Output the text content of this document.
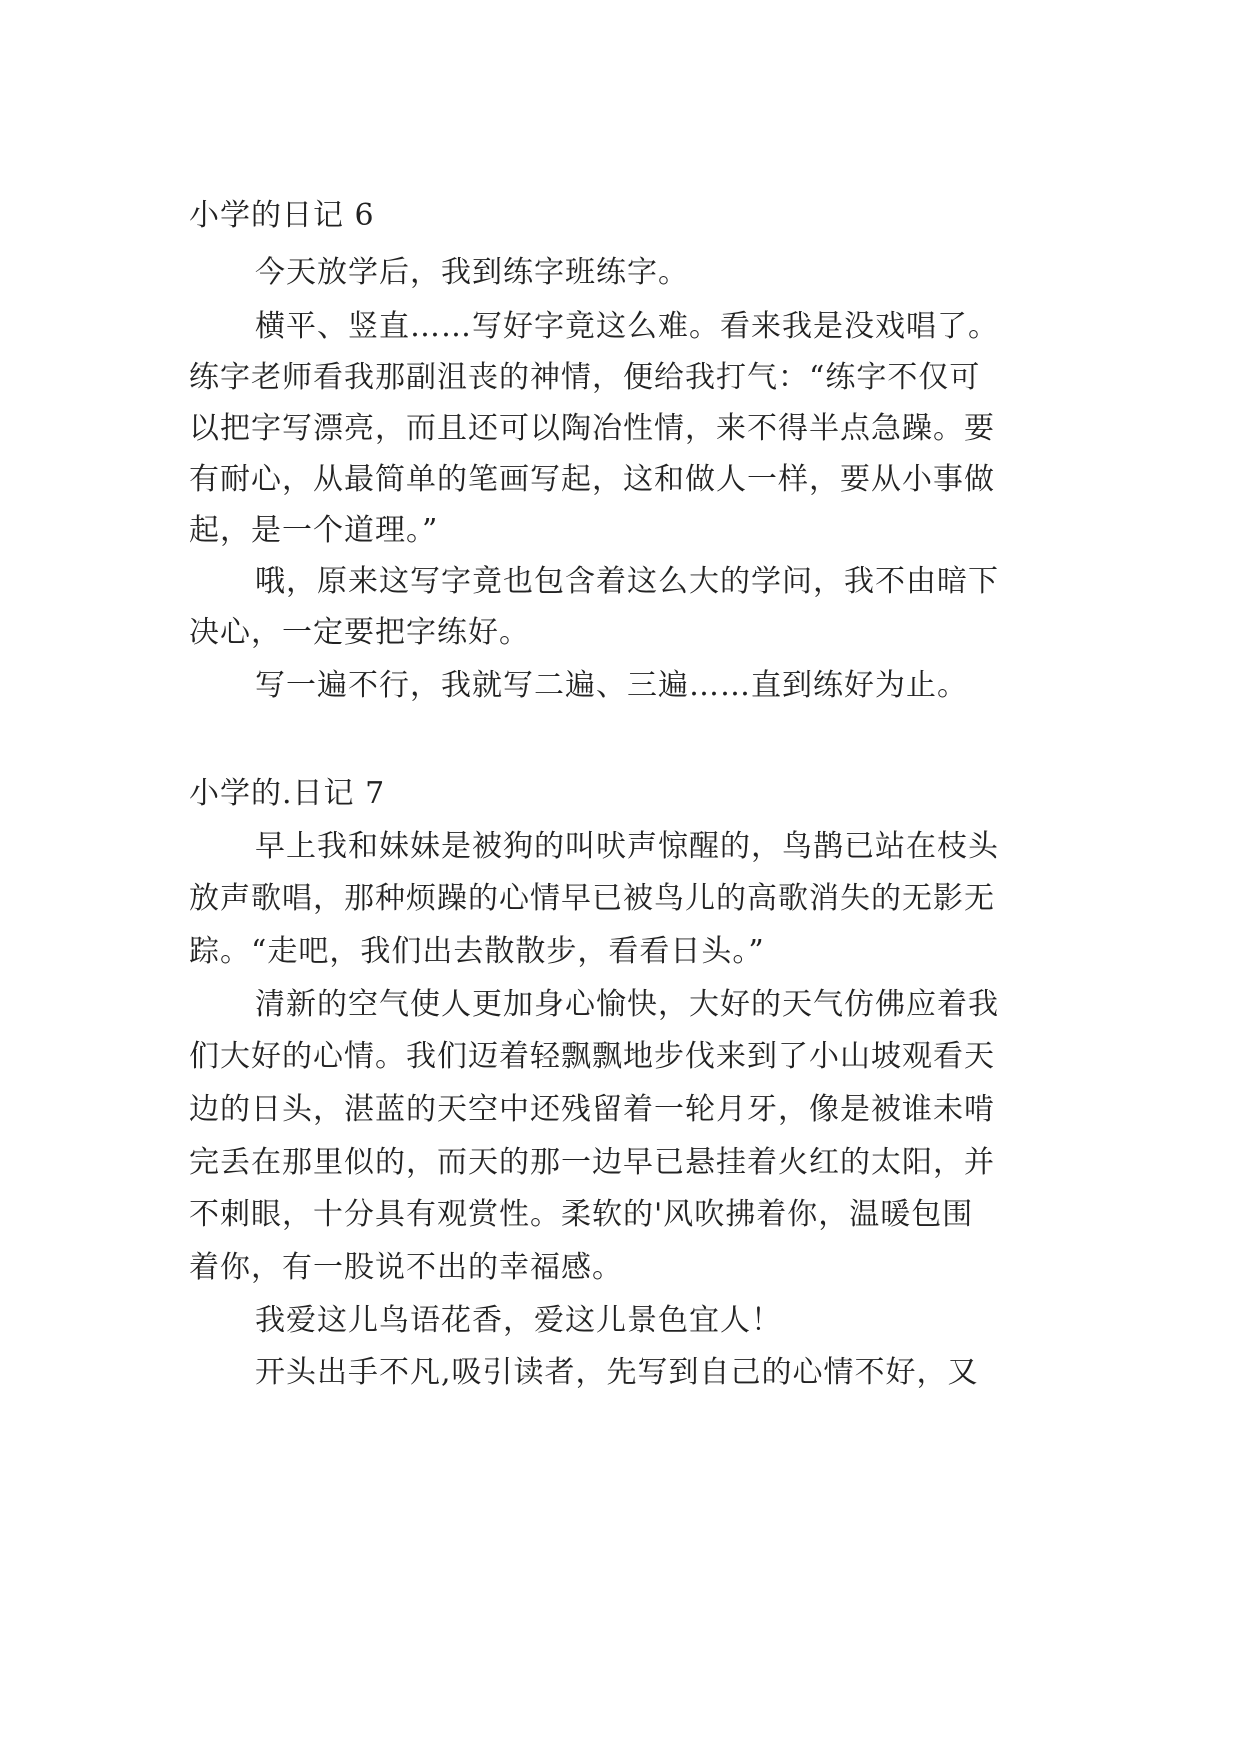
小学的日记 6
今天放学后，我到练字班练字。
横平、竖直……写好字竟这么难。看来我是没戏唱了。
练字老师看我那副沮丧的神情，便给我打气：“练字不仅可
以把字写漂亮，而且还可以陶冶性情，来不得半点急躁。要
有耐心，从最简单的笔画写起，这和做人一样，要从小事做
起，是一个道理。”
哦，原来这写字竟也包含着这么大的学问，我不由暗下
决心，一定要把字练好。
写一遍不行，我就写二遍、三遍……直到练好为止。
小学的.日记 7
早上我和妹妹是被狗的叫吠声惊醒的，鸟鹊已站在枝头
放声歌唱，那种烦躁的心情早已被鸟儿的高歌消失的无影无
踪。“走吧，我们出去散散步，看看日头。”
清新的空气使人更加身心愉快，大好的天气仿佛应着我
们大好的心情。我们迈着轻飘飘地步伐来到了小山坡观看天
边的日头，湛蓝的天空中还残留着一轮月牙，像是被谁未啃
完丢在那里似的，而天的那一边早已悬挂着火红的太阳，并
不刺眼，十分具有观赏性。柔软的'风吹拂着你，温暖包围
着你，有一股说不出的幸福感。
我爱这儿鸟语花香，爱这儿景色宜人！
开头出手不凡,吸引读者，先写到自己的心情不好，又
